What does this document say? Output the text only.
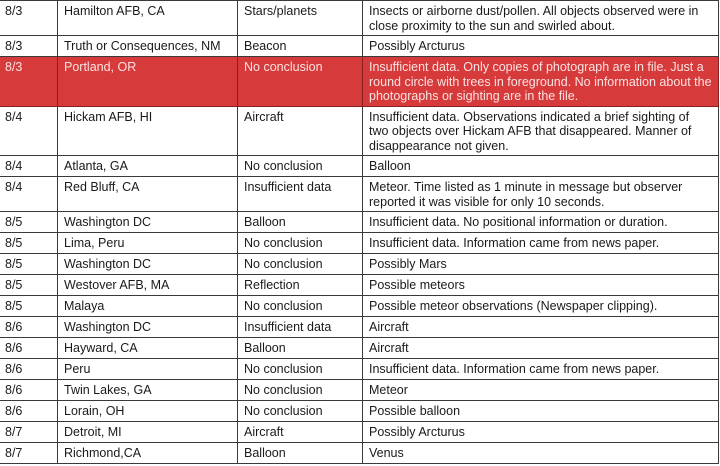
8/3	Hamilton AFB, CA	Stars/planets	Insects or airborne dust/pollen. All objects observed were in close proximity to the sun and swirled about.
8/3	Truth or Consequences, NM	Beacon	Possibly Arcturus
8/3	Portland, OR	No conclusion	Insufficient data. Only copies of photograph are in file. Just a round circle with trees in foreground. No information about the photographs or sighting are in the file.
8/4	Hickam AFB, HI	Aircraft	Insufficient data. Observations indicated a brief sighting of two objects over Hickam AFB that disappeared. Manner of disappearance not given.
8/4	Atlanta, GA	No conclusion	Balloon
8/4	Red Bluff, CA	Insufficient data	Meteor. Time listed as 1 minute in message but observer reported it was visible for only 10 seconds.
8/5	Washington DC	Balloon	Insufficient data. No positional information or duration.
8/5	Lima, Peru	No conclusion	Insufficient data. Information came from news paper.
8/5	Washington DC	No conclusion	Possibly Mars
8/5	Westover AFB, MA	Reflection	Possible meteors
8/5	Malaya	No conclusion	Possible meteor observations (Newspaper clipping).
8/6	Washington DC	Insufficient data	Aircraft
8/6	Hayward, CA	Balloon	Aircraft
8/6	Peru	No conclusion	Insufficient data. Information came from news paper.
8/6	Twin Lakes, GA	No conclusion	Meteor
8/6	Lorain, OH	No conclusion	Possible balloon
8/7	Detroit, MI	Aircraft	Possibly Arcturus
8/7	Richmond,CA	Balloon	Venus
